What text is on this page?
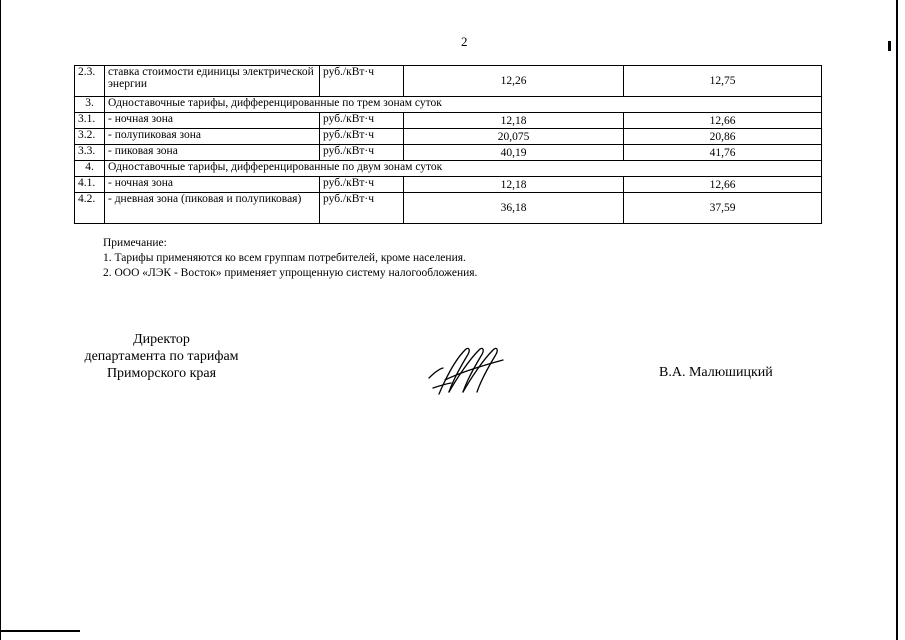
2
2.3.	ставка стоимости единицы электрической энергии	руб./кВт·ч	12,26	12,75
3.	Одноставочные тарифы, дифференцированные по трем зонам суток			
3.1.	- ночная зона	руб./кВт·ч	12,18	12,66
3.2.	- полупиковая зона	руб./кВт·ч	20,075	20,86
3.3.	- пиковая зона	руб./кВт·ч	40,19	41,76
4.	Одноставочные тарифы, дифференцированные по двум зонам суток			
4.1.	- ночная зона	руб./кВт·ч	12,18	12,66
4.2.	- дневная зона (пиковая и полупиковая)	руб./кВт·ч	36,18	37,59
Примечание:
1. Тарифы применяются ко всем группам потребителей, кроме населения.
2. ООО «ЛЭК - Восток» применяет упрощенную систему налогообложения.
Директор
департамента по тарифам
Приморского края	В.А. Малюшицкий
